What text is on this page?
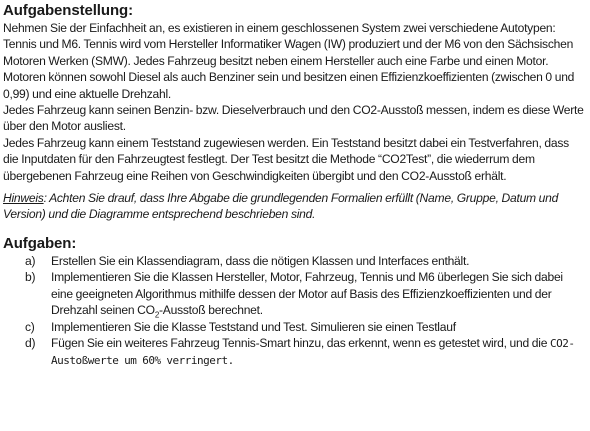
Aufgabenstellung:

Nehmen Sie der Einfachheit an, es existieren in einem geschlossenen System zwei verschiedene Autotypen: Tennis und M6. Tennis wird vom Hersteller Informatiker Wagen (IW) produziert und der M6 von den Sächsischen Motoren Werken (SMW). Jedes Fahrzeug besitzt neben einem Hersteller auch eine Farbe und einen Motor. Motoren können sowohl Diesel als auch Benziner sein und besitzen einen Effizienzkoeffizienten (zwischen 0 und 0,99) und eine aktuelle Drehzahl.

Jedes Fahrzeug kann seinen Benzin- bzw. Dieselverbrauch und den CO2-Ausstoß messen, indem es diese Werte über den Motor ausliest.

Jedes Fahrzeug kann einem Teststand zugewiesen werden. Ein Teststand besitzt dabei ein Testverfahren, dass die Inputdaten für den Fahrzeugtest festlegt. Der Test besitzt die Methode “CO2Test”, die wiederrum dem übergebenen Fahrzeug eine Reihen von Geschwindigkeiten übergibt und den CO2-Ausstoß erhält.

Hinweis: Achten Sie drauf, dass Ihre Abgabe die grundlegenden Formalien erfüllt (Name, Gruppe, Datum und Version) und die Diagramme entsprechend beschrieben sind.

Aufgaben:
a)	Erstellen Sie ein Klassendiagram, dass die nötigen Klassen und Interfaces enthält.
b)	Implementieren Sie die Klassen Hersteller, Motor, Fahrzeug, Tennis und M6 überlegen Sie sich dabei eine geeigneten Algorithmus mithilfe dessen der Motor auf Basis des Effizienzkoeffizienten und der Drehzahl seinen $CO_2$-Ausstoß berechnet.
c)	Implementieren Sie die Klasse Teststand und Test. Simulieren sie einen Testlauf
d)	Fügen Sie ein weiteres Fahrzeug Tennis-Smart hinzu, das erkennt, wenn es getestet wird, und die CO2-Austoßwerte um 60% verringert.
